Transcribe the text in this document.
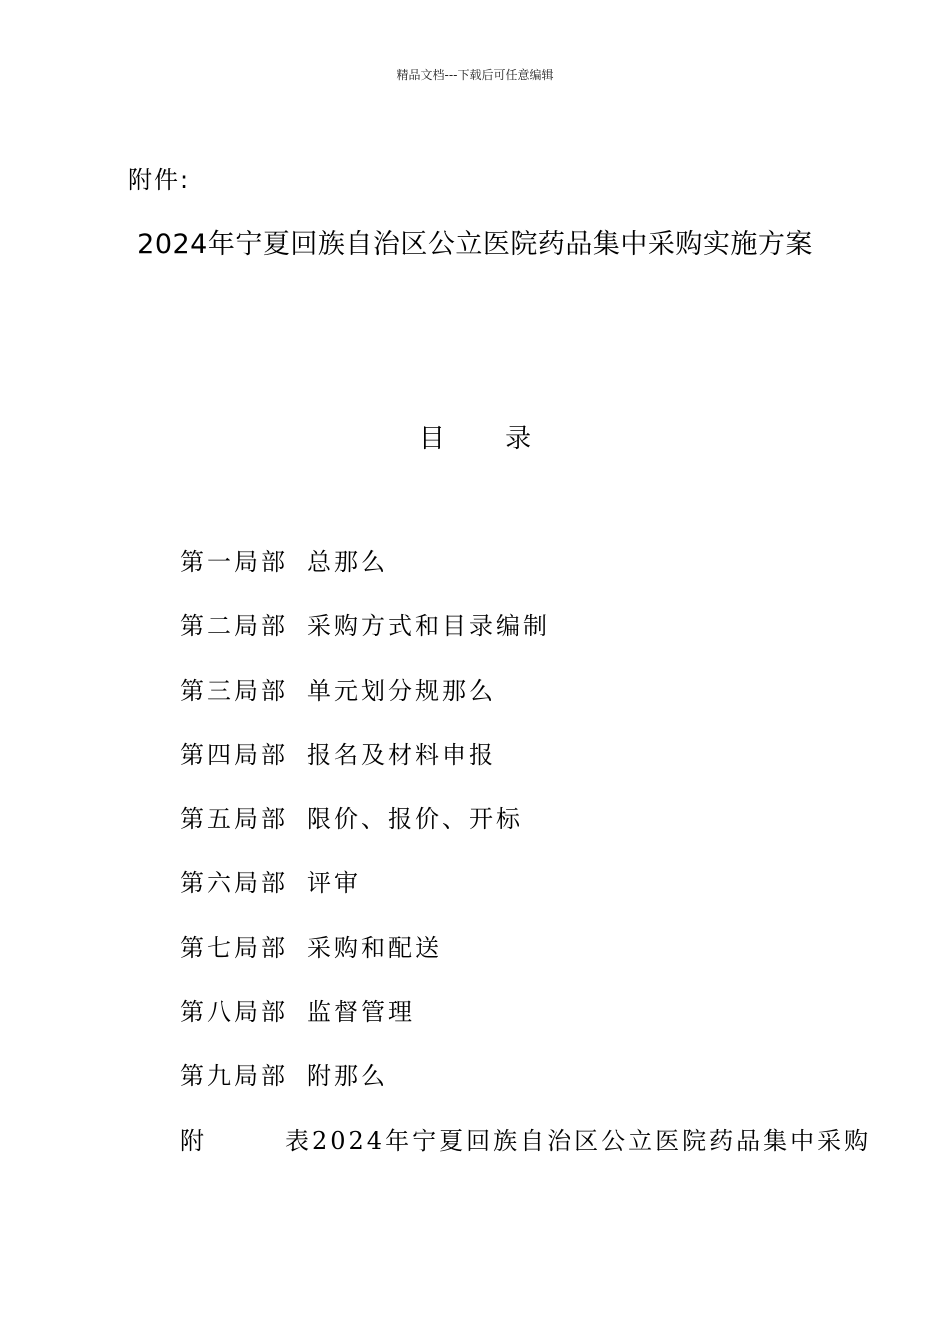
精品文档---下载后可任意编辑
附件:
2024年宁夏回族自治区公立医院药品集中采购实施方案
目 录
第一局部 总那么
第二局部 采购方式和目录编制
第三局部 单元划分规那么
第四局部 报名及材料申报
第五局部 限价、报价、开标
第六局部 评审
第七局部 采购和配送
第八局部 监督管理
第九局部 附那么
附	表 2024年宁夏回族自治区公立医院药品集中采购
